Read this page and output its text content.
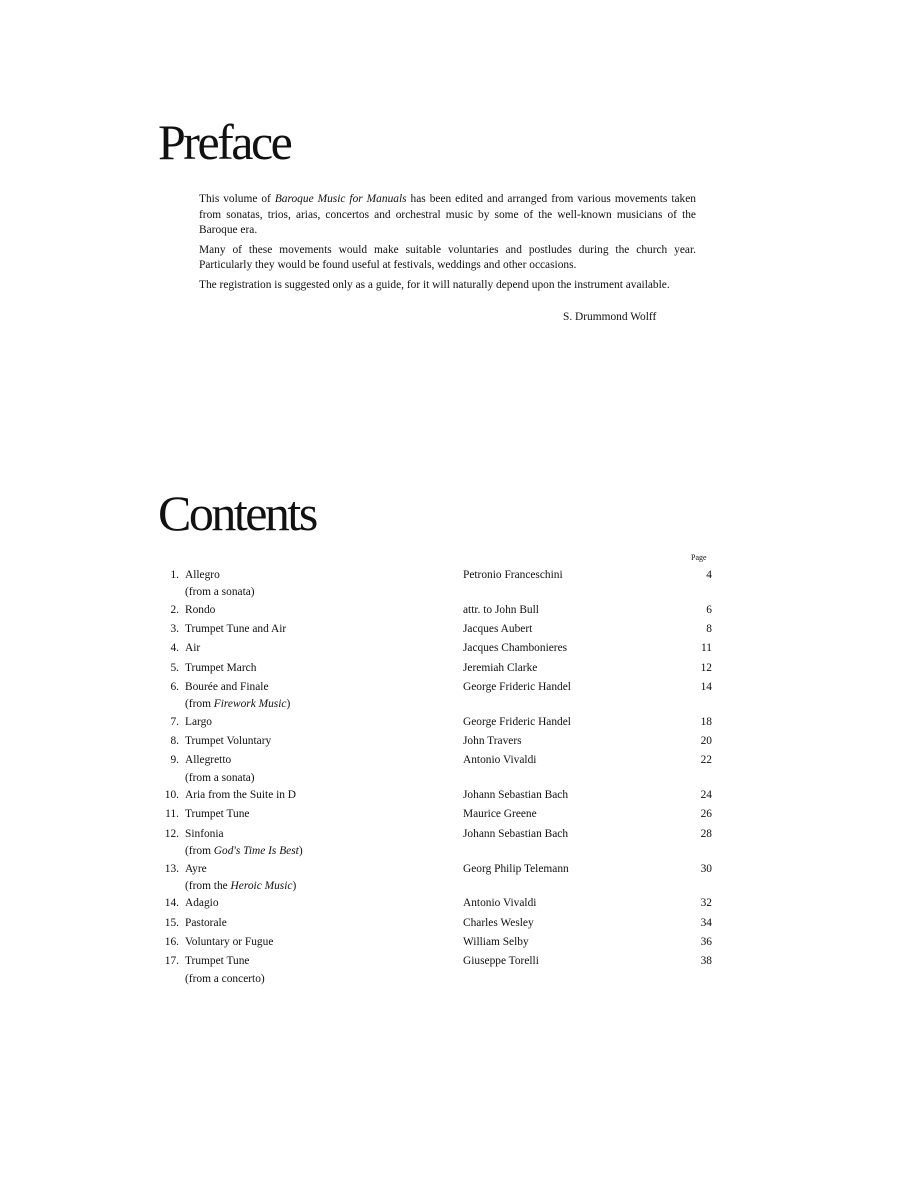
Preface

This volume of Baroque Music for Manuals has been edited and arranged from various movements taken from sonatas, trios, arias, concertos and orchestral music by some of the well-known musicians of the Baroque era.

Many of these movements would make suitable voluntaries and postludes during the church year. Particularly they would be found useful at festivals, weddings and other occasions.

The registration is suggested only as a guide, for it will naturally depend upon the instrument available.

S. Drummond Wolff
Contents
Page
1. Allegro	Petronio Franceschini	4
(from a sonata)
2. Rondo	attr. to John Bull	6
3. Trumpet Tune and Air	Jacques Aubert	8
4. Air	Jacques Chambonieres	11
5. Trumpet March	Jeremiah Clarke	12
6. Bourée and Finale	George Frideric Handel	14
(from Firework Music)
7. Largo	George Frideric Handel	18
8. Trumpet Voluntary	John Travers	20
9. Allegretto	Antonio Vivaldi	22
(from a sonata)
10. Aria from the Suite in D	Johann Sebastian Bach	24
11. Trumpet Tune	Maurice Greene	26
12. Sinfonia	Johann Sebastian Bach	28
(from God's Time Is Best)
13. Ayre	Georg Philip Telemann	30
(from the Heroic Music)
14. Adagio	Antonio Vivaldi	32
15. Pastorale	Charles Wesley	34
16. Voluntary or Fugue	William Selby	36
17. Trumpet Tune	Giuseppe Torelli	38
(from a concerto)
